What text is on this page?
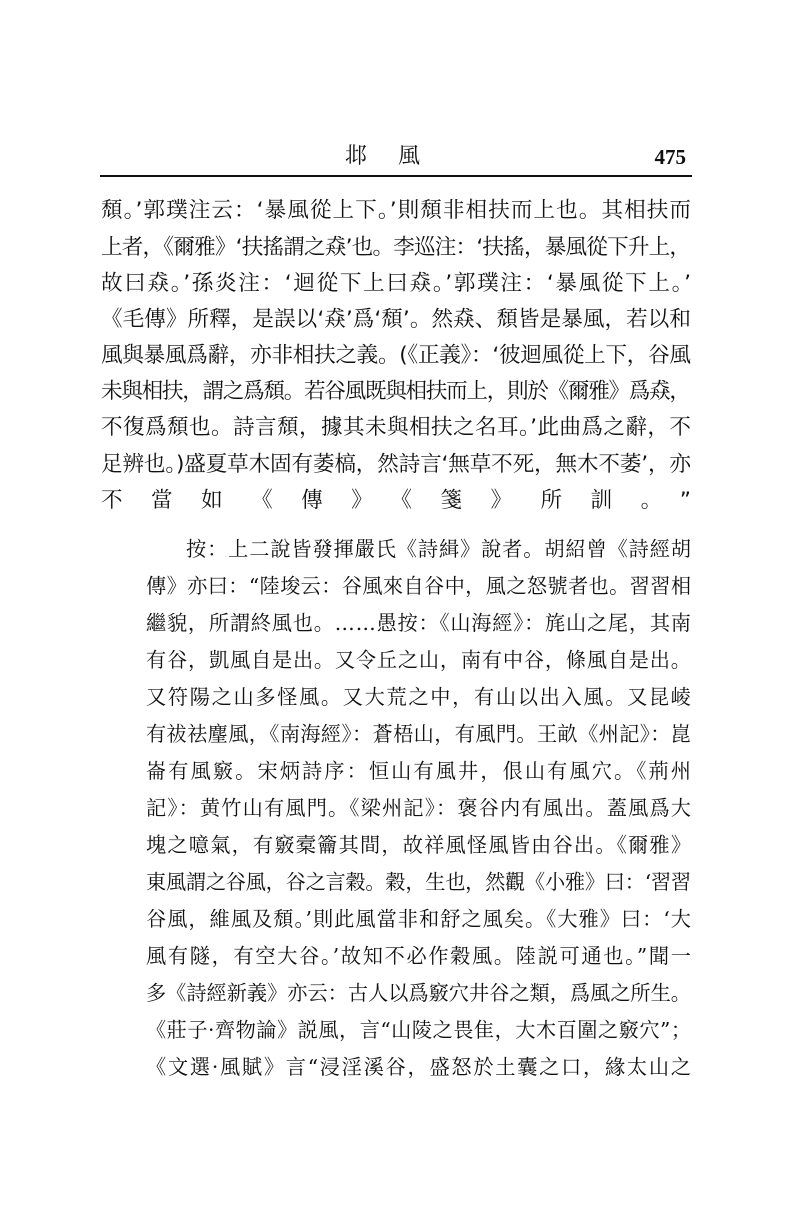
邶 風	475
頹。’郭璞注云：‘暴風從上下。’則頹非相扶而上也。其相扶而
上者，《爾雅》‘扶搖謂之猋’也。李巡注：‘扶搖，暴風從下升上，
故曰猋。’孫炎注：‘迴從下上曰猋。’郭璞注：‘暴風從下上。’
《毛傳》所釋，是誤以‘猋’爲‘頹’。然猋、頹皆是暴風，若以和
風與暴風爲辭，亦非相扶之義。(《正義》：‘彼迴風從上下，谷風
未與相扶，謂之爲頹。若谷風既與相扶而上，則於《爾雅》爲猋，
不復爲頹也。詩言頹，據其未與相扶之名耳。’此曲爲之辭，不
足辨也。)盛夏草木固有萎槁，然詩言‘無草不死，無木不萎’，亦
不當如《傳》《箋》所訓。”
按：上二說皆發揮嚴氏《詩緝》說者。胡紹曾《詩經胡
傳》亦曰：“陸埈云：谷風來自谷中，風之怒號者也。習習相
繼貌，所謂終風也。……愚按：《山海經》：旄山之尾，其南
有谷，凱風自是出。又令丘之山，南有中谷，條風自是出。
又符陽之山多怪風。又大荒之中，有山以出入風。又昆崚
有祓祛麈風，《南海經》：蒼梧山，有風門。王畝《州記》：崑
崙有風竅。宋炳詩序：恒山有風井，佷山有風穴。《荊州
記》：黄竹山有風門。《梁州記》：褒谷内有風出。蓋風爲大
塊之噫氣，有竅槖籥其間，故祥風怪風皆由谷出。《爾雅》
東風謂之谷風，谷之言穀。穀，生也，然觀《小雅》曰：‘習習
谷風，維風及頹。’則此風當非和舒之風矣。《大雅》曰：‘大
風有隧，有空大谷。’故知不必作穀風。陸説可通也。”聞一
多《詩經新義》亦云：古人以爲竅穴井谷之類，爲風之所生。
《莊子·齊物論》説風，言“山陵之畏隹，大木百圍之竅穴”；
《文選·風賦》言“浸淫溪谷，盛怒於土囊之口，緣太山之
